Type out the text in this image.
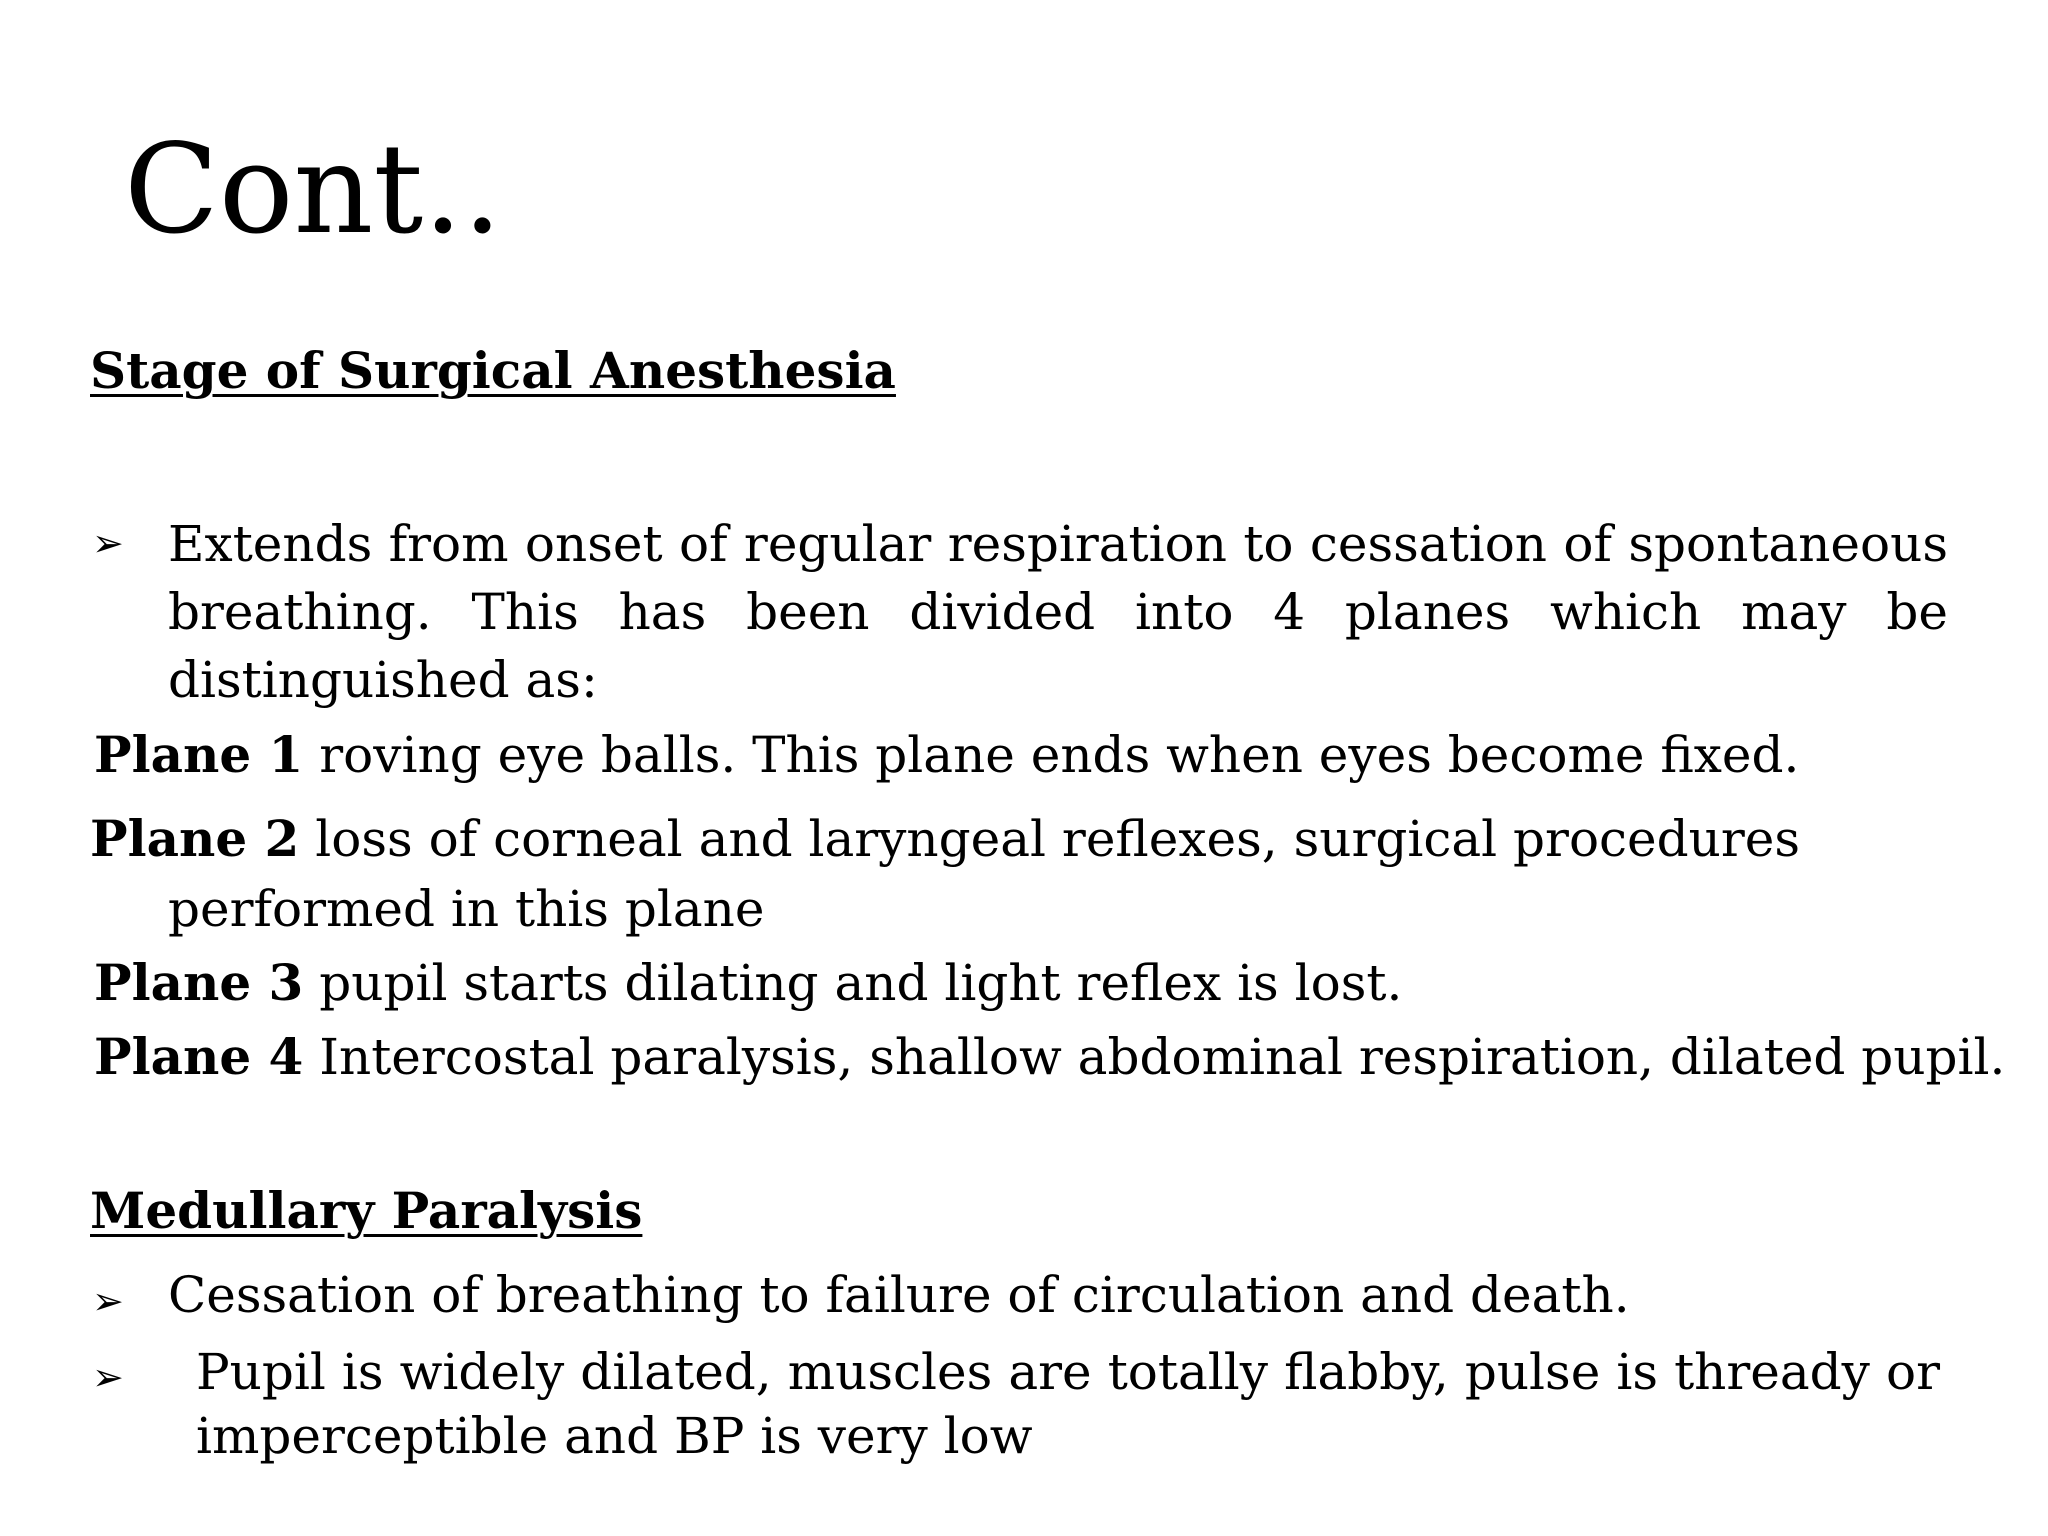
Cont..
Stage of Surgical Anesthesia
➢ Extends from onset of regular respiration to cessation of spontaneous breathing. This has been divided into 4 planes which may be distinguished as:

Plane 1 roving eye balls. This plane ends when eyes become fixed.
Plane 2 loss of corneal and laryngeal reflexes, surgical procedures
performed in this plane
Plane 3 pupil starts dilating and light reflex is lost.
Plane 4 Intercostal paralysis, shallow abdominal respiration, dilated pupil.
Medullary Paralysis
➢ Cessation of breathing to failure of circulation and death.
➢ Pupil is widely dilated, muscles are totally flabby, pulse is thready or imperceptible and BP is very low
